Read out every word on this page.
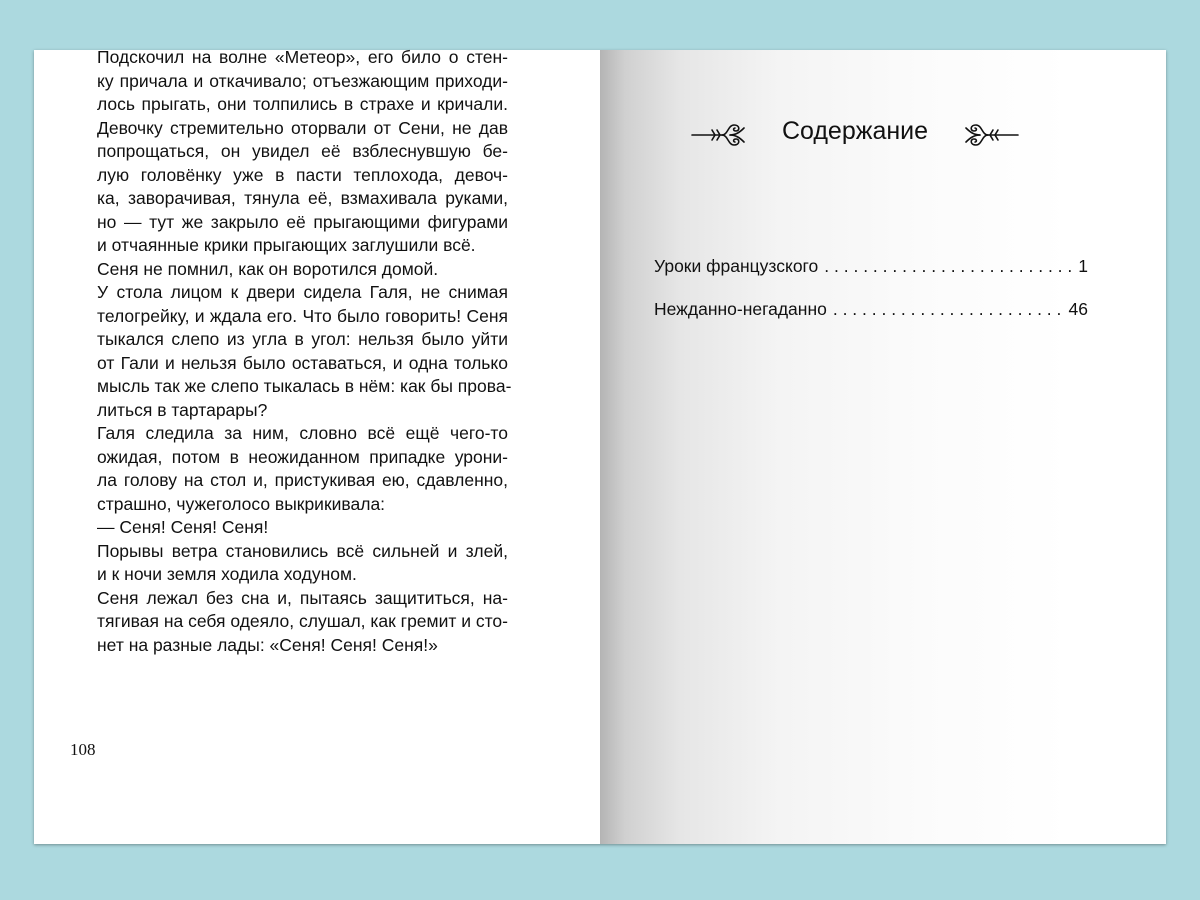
Подскочил на волне «Метеор», его било о стен-
ку причала и откачивало; отъезжающим приходи-
лось прыгать, они толпились в страхе и кричали.
Девочку стремительно оторвали от Сени, не дав
попрощаться, он увидел её взблеснувшую бе-
лую головёнку уже в пасти теплохода, девоч-
ка, заворачивая, тянула её, взмахивала руками,
но — тут же закрыло её прыгающими фигурами
и отчаянные крики прыгающих заглушили всё.

Сеня не помнил, как он воротился домой.

У стола лицом к двери сидела Галя, не снимая
телогрейку, и ждала его. Что было говорить! Сеня
тыкался слепо из угла в угол: нельзя было уйти
от Гали и нельзя было оставаться, и одна только
мысль так же слепо тыкалась в нём: как бы прова-
литься в тартарары?

Галя следила за ним, словно всё ещё чего-то
ожидая, потом в неожиданном припадке урони-
ла голову на стол и, пристукивая ею, сдавленно,
страшно, чужеголосо выкрикивала:

— Сеня! Сеня! Сеня!

Порывы ветра становились всё сильней и злей,
и к ночи земля ходила ходуном.

Сеня лежал без сна и, пытаясь защититься, на-
тягивая на себя одеяло, слушал, как гремит и сто-
нет на разные лады: «Сеня! Сеня! Сеня!»

108
Содержание
Уроки французского . . .	1
Нежданно-негаданно . . .	46
